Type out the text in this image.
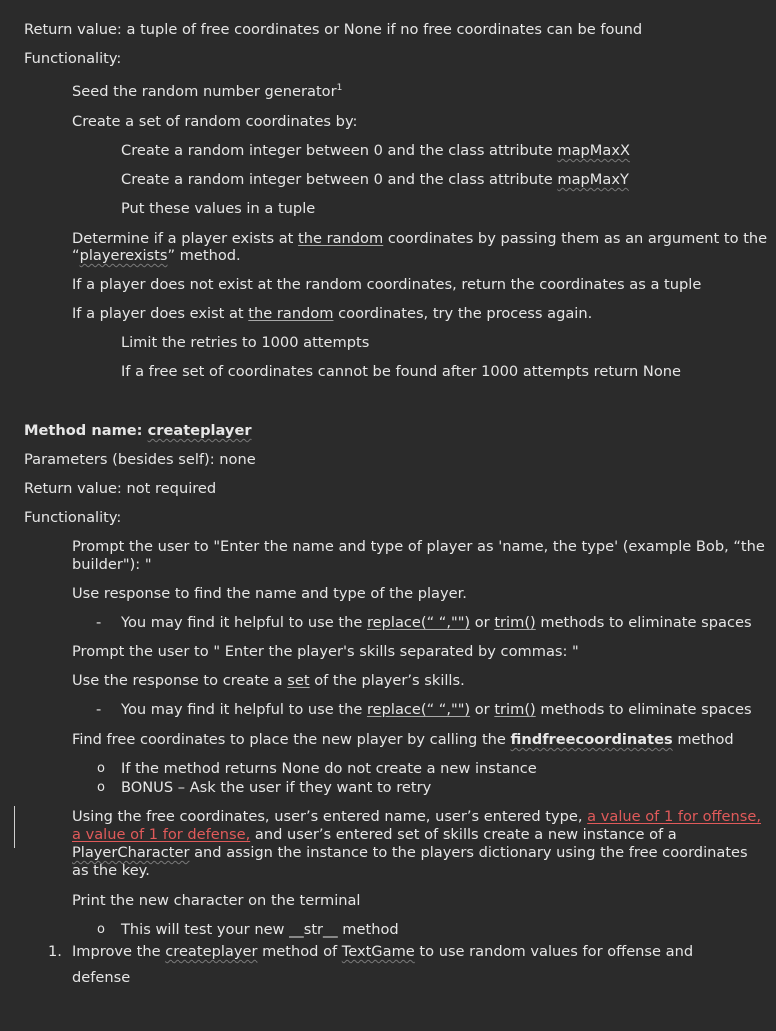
Return value: a tuple of free coordinates or None if no free coordinates can be found
Functionality:
Seed the random number generator$^1$
Create a set of random coordinates by:
Create a random integer between 0 and the class attribute mapMaxX
Create a random integer between 0 and the class attribute mapMaxY
Put these values in a tuple
Determine if a player exists at the random coordinates by passing them as an argument to the
“playerexists” method.
If a player does not exist at the random coordinates, return the coordinates as a tuple
If a player does exist at the random coordinates, try the process again.
Limit the retries to 1000 attempts
If a free set of coordinates cannot be found after 1000 attempts return None
Method name: createplayer
Parameters (besides self): none
Return value: not required
Functionality:
Prompt the user to "Enter the name and type of player as 'name, the type' (example Bob, “the
builder"): "
Use response to find the name and type of the player.
- You may find it helpful to use the replace(“ “,"") or trim() methods to eliminate spaces
Prompt the user to " Enter the player's skills separated by commas: "
Use the response to create a set of the player’s skills.
- You may find it helpful to use the replace(“ “,"") or trim() methods to eliminate spaces
Find free coordinates to place the new player by calling the findfreecoordinates method
o If the method returns None do not create a new instance
o BONUS – Ask the user if they want to retry
Using the free coordinates, user’s entered name, user’s entered type, a value of 1 for offense,
a value of 1 for defense, and user’s entered set of skills create a new instance of a
PlayerCharacter and assign the instance to the players dictionary using the free coordinates
as the key.
Print the new character on the terminal
o This will test your new __str__ method
1. Improve the createplayer method of TextGame to use random values for offense and
defense
